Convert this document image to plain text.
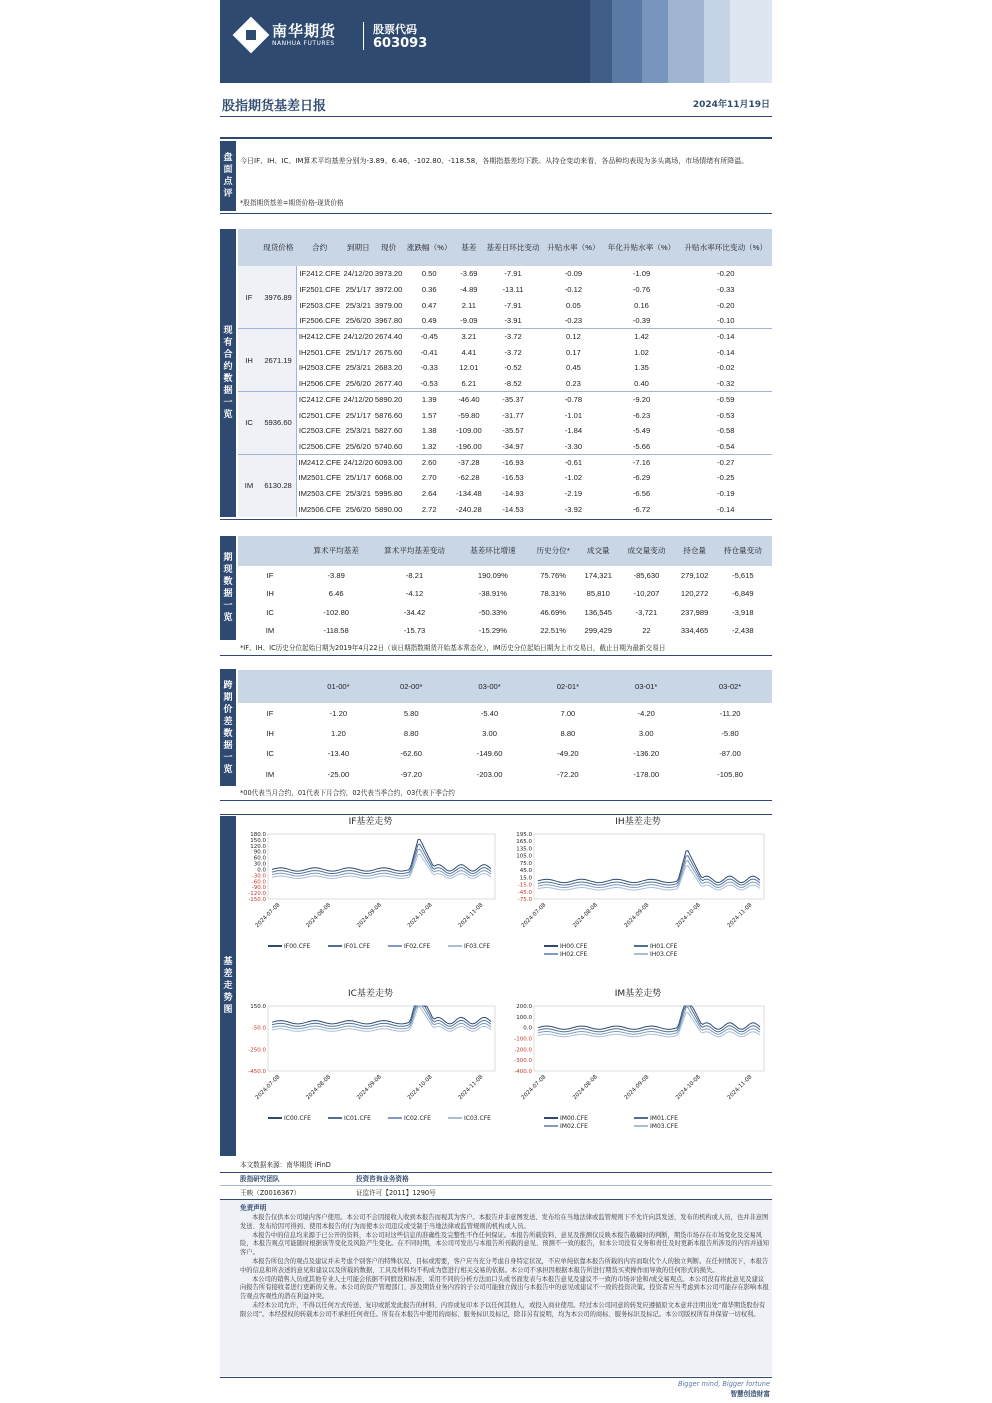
南华期货
NANHUA FUTURES
股票代码
603093
股指期货基差日报	2024年11月19日
盘
面
点
评
今日IF、IH、IC、IM算术平均基差分别为-3.89、6.46、-102.80、-118.58，各期指基差均下跌。从持仓变动来看，各品种均表现为多头离场，市场情绪有所降温。
*股指期货基差=期货价格-现货价格
现
有
合
约
数
据
一
览
	现货价格	合约	到期日	现价	涨跌幅（%）	基差	基差日环比变动	升贴水率（%）	年化升贴水率（%）	升贴水率环比变动（%）
IF	3976.89	IF2412.CFE	24/12/20	3973.20	0.50	-3.69	-7.91	-0.09	-1.09	-0.20
		IF2501.CFE	25/1/17	3972.00	0.36	-4.89	-13.11	-0.12	-0.76	-0.33
		IF2503.CFE	25/3/21	3979.00	0.47	2.11	-7.91	0.05	0.16	-0.20
		IF2506.CFE	25/6/20	3967.80	0.49	-9.09	-3.91	-0.23	-0.39	-0.10
IH	2671.19	IH2412.CFE	24/12/20	2674.40	-0.45	3.21	-3.72	0.12	1.42	-0.14
		IH2501.CFE	25/1/17	2675.60	-0.41	4.41	-3.72	0.17	1.02	-0.14
		IH2503.CFE	25/3/21	2683.20	-0.33	12.01	-0.52	0.45	1.35	-0.02
		IH2506.CFE	25/6/20	2677.40	-0.53	6.21	-8.52	0.23	0.40	-0.32
IC	5936.60	IC2412.CFE	24/12/20	5890.20	1.39	-46.40	-35.37	-0.78	-9.20	-0.59
		IC2501.CFE	25/1/17	5876.60	1.57	-59.80	-31.77	-1.01	-6.23	-0.53
		IC2503.CFE	25/3/21	5827.60	1.38	-109.00	-35.57	-1.84	-5.49	-0.58
		IC2506.CFE	25/6/20	5740.60	1.32	-196.00	-34.97	-3.30	-5.66	-0.54
IM	6130.28	IM2412.CFE	24/12/20	6093.00	2.60	-37.28	-16.93	-0.61	-7.16	-0.27
		IM2501.CFE	25/1/17	6068.00	2.70	-62.28	-16.53	-1.02	-6.29	-0.25
		IM2503.CFE	25/3/21	5995.80	2.64	-134.48	-14.93	-2.19	-6.56	-0.19
		IM2506.CFE	25/6/20	5890.00	2.72	-240.28	-14.53	-3.92	-6.72	-0.14
期
现
数
据
一
览
	算术平均基差	算术平均基差变动	基差环比增速	历史分位*	成交量	成交量变动	持仓量	持仓量变动
IF	-3.89	-8.21	190.09%	75.76%	174,321	-85,630	279,102	-5,615
IH	6.46	-4.12	-38.91%	78.31%	85,810	-10,207	120,272	-6,849
IC	-102.80	-34.42	-50.33%	46.69%	136,545	-3,721	237,989	-3,918
IM	-118.58	-15.73	-15.29%	22.51%	299,429	22	334,465	-2,438
*IF、IH、IC历史分位起始日期为2019年4月22日（该日期指数期货开始基本常态化），IM历史分位起始日期为上市交易日，截止日期为最新交易日
跨
期
价
差
数
据
一
览
	01-00*	02-00*	03-00*	02-01*	03-01*	03-02*
IF	-1.20	5.80	-5.40	7.00	-4.20	-11.20
IH	1.20	8.80	3.00	8.80	3.00	-5.80
IC	-13.40	-62.60	-149.60	-49.20	-136.20	-87.00
IM	-25.00	-97.20	-203.00	-72.20	-178.00	-105.80
*00代表当月合约，01代表下月合约，02代表当季合约，03代表下季合约
基
差
走
势
图
IF基差走势
180.0
150.0
120.0
90.0
60.0
30.0
0.0
-30.0
-60.0
-90.0
-120.0
-150.0
2024-07-08	2024-08-08	2024-09-08	2024-10-08	2024-11-08
IF00.CFE	IF01.CFE	IF02.CFE	IF03.CFE
IH基差走势
195.0
165.0
135.0
105.0
75.0
45.0
15.0
-15.0
-45.0
-75.0
2024-07-08	2024-08-08	2024-09-08	2024-10-08	2024-11-08
IH00.CFE	IH01.CFE
IH02.CFE	IH03.CFE
IC基差走势
150.0
-50.0
-250.0
-450.0
2024-07-08	2024-08-08	2024-09-08	2024-10-08	2024-11-08
IC00.CFE	IC01.CFE	IC02.CFE	IC03.CFE
IM基差走势
200.0
100.0
0.0
-100.0
-200.0
-300.0
-400.0
2024-07-08	2024-08-08	2024-09-08	2024-10-08	2024-11-08
IM00.CFE	IM01.CFE
IM02.CFE	IM03.CFE
本文数据来源：南华期货 iFinD
股指研究团队	投资咨询业务资格
王映（Z0016367）	证监许可【2011】1290号
免责声明
本报告仅供本公司境内客户使用。本公司不会因接收人收到本报告而视其为客户。本报告并非意图发送、发布给在当地法律或监管规则下不允许向其发送、发布的机构或人员，也并非意图发送、发布给因可得到、使用本报告的行为而使本公司违反或受制于当地法律或监管规则的机构或人员。
本报告中的信息均来源于已公开的资料，本公司对这些信息的准确性及完整性不作任何保证。本报告所载资料、意见及推测仅反映本报告截稿时的判断，期货市场存在市场变化及交易风险，本报告观点可能随时根据该等变化及风险产生变化。在不同时期，本公司可发出与本报告所刊载的意见、预测不一致的报告，但本公司没有义务和责任及时更新本报告所涉及的内容并通知客户。
本报告所包含的观点及建议并未考虑个别客户的特殊状况、目标或需要，客户应当充分考虑自身特定状况，不应单纯依靠本报告所载的内容而取代个人的独立判断。在任何情况下，本报告中的信息和所表述的意见和建议以及所载的数据、工具及材料均不构成为您进行相关交易的依据。本公司不承担因根据本报告所进行期货买卖操作而导致的任何形式的损失。
本公司的销售人员或其他专业人士可能会依据不同假设和标准、采用不同的分析方法而口头或书面发表与本报告意见及建议不一致的市场评论和/或交易观点。本公司没有将此意见及建议向报告所有接收者进行更新的义务。本公司的资产管理部门、涉及期货业务内容的子公司可能独立做出与本报告中的意见或建议不一致的投资决策。投资者应当考虑到本公司可能存在影响本报告观点客观性的潜在利益冲突。
未经本公司允许，不得以任何方式传送、复印或派发此报告的材料、内容或复印本予以任何其他人，或投入商业使用。经过本公司同意的转发应遵循原文本意并注明出处“南华期货股份有限公司”。本经授权的转载本公司不承担任何责任。所有在本报告中使用的商标、服务标识及标记，除非另有说明，均为本公司的商标、服务标识及标记。本公司版权所有并保留一切权利。
Bigger mind, Bigger fortune
智慧创造财富
